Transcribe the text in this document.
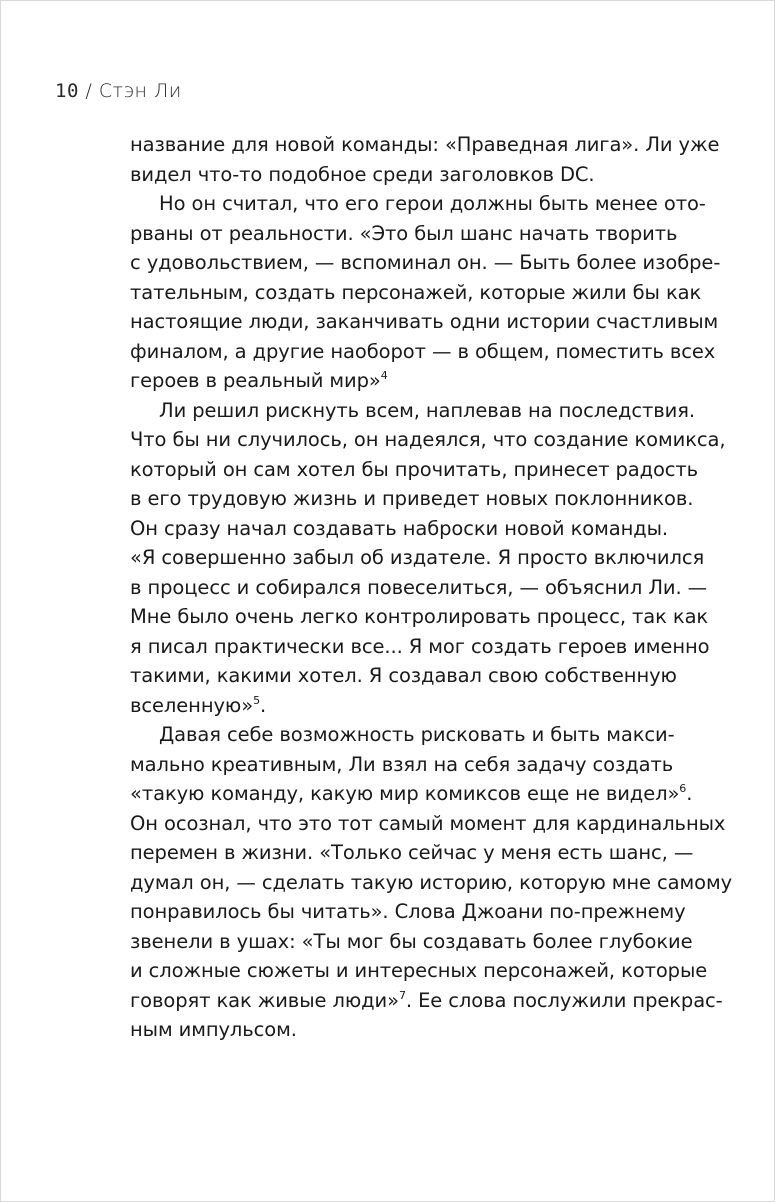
10 / Стэн Ли
название для новой команды: «Праведная лига». Ли уже
видел что-то подобное среди заголовков DC.
Но он считал, что его герои должны быть менее ото-
рваны от реальности. «Это был шанс начать творить
с удовольствием, — вспоминал он. — Быть более изобре-
тательным, создать персонажей, которые жили бы как
настоящие люди, заканчивать одни истории счастливым
финалом, а другие наоборот — в общем, поместить всех
героев в реальный мир»$^4$
Ли решил рискнуть всем, наплевав на последствия.
Что бы ни случилось, он надеялся, что создание комикса,
который он сам хотел бы прочитать, принесет радость
в его трудовую жизнь и приведет новых поклонников.
Он сразу начал создавать наброски новой команды.
«Я совершенно забыл об издателе. Я просто включился
в процесс и собирался повеселиться, — объяснил Ли. —
Мне было очень легко контролировать процесс, так как
я писал практически все... Я мог создать героев именно
такими, какими хотел. Я создавал свою собственную
вселенную»$^5$.
Давая себе возможность рисковать и быть макси-
мально креативным, Ли взял на себя задачу создать
«такую команду, какую мир комиксов еще не видел»$^6$.
Он осознал, что это тот самый момент для кардинальных
перемен в жизни. «Только сейчас у меня есть шанс, —
думал он, — сделать такую историю, которую мне самому
понравилось бы читать». Слова Джоани по-прежнему
звенели в ушах: «Ты мог бы создавать более глубокие
и сложные сюжеты и интересных персонажей, которые
говорят как живые люди»$^7$. Ее слова послужили прекрас-
ным импульсом.
